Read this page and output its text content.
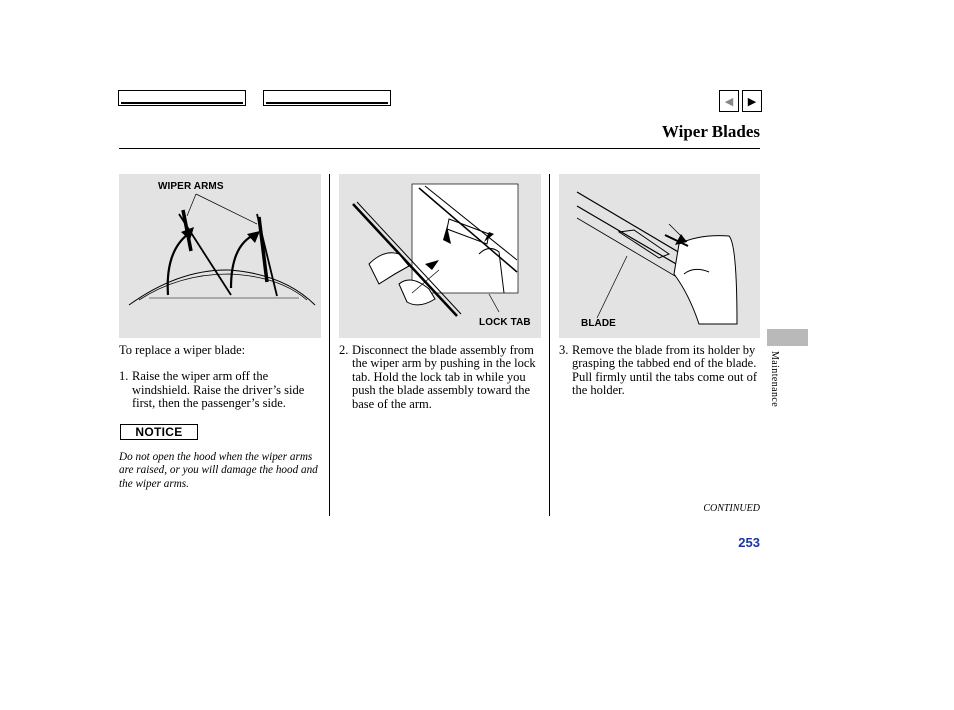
◀ ▶
Wiper Blades
WIPER ARMS
LOCK TAB	BLADE
To replace a wiper blade:
1. Raise the wiper arm off the windshield. Raise the driver’s side first, then the passenger’s side.
NOTICE
Do not open the hood when the wiper arms are raised, or you will damage the hood and the wiper arms.
2. Disconnect the blade assembly from the wiper arm by pushing in the lock tab. Hold the lock tab in while you push the blade assembly toward the base of the arm.
3. Remove the blade from its holder by grasping the tabbed end of the blade. Pull firmly until the tabs come out of the holder.
CONTINUED
253
Maintenance
